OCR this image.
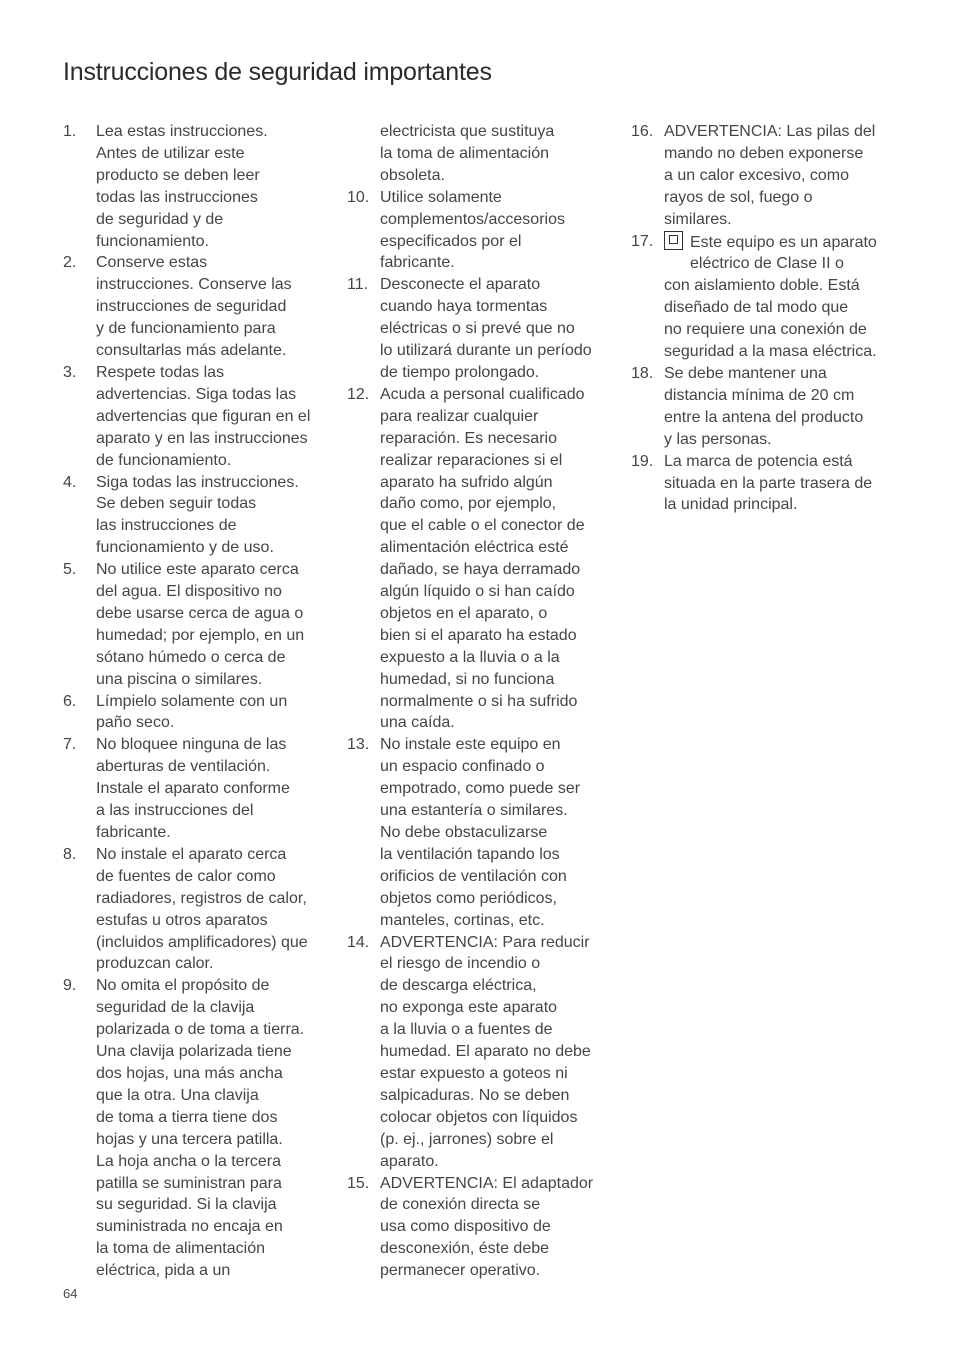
Instrucciones de seguridad importantes
1. Lea estas instrucciones.
Antes de utilizar este
producto se deben leer
todas las instrucciones
de seguridad y de
funcionamiento.
2. Conserve estas
instrucciones. Conserve las
instrucciones de seguridad
y de funcionamiento para
consultarlas más adelante.
3. Respete todas las
advertencias. Siga todas las
advertencias que figuran en el
aparato y en las instrucciones
de funcionamiento.
4. Siga todas las instrucciones.
Se deben seguir todas
las instrucciones de
funcionamiento y de uso.
5. No utilice este aparato cerca
del agua. El dispositivo no
debe usarse cerca de agua o
humedad; por ejemplo, en un
sótano húmedo o cerca de
una piscina o similares.
6. Límpielo solamente con un
paño seco.
7. No bloquee ninguna de las
aberturas de ventilación.
Instale el aparato conforme
a las instrucciones del
fabricante.
8. No instale el aparato cerca
de fuentes de calor como
radiadores, registros de calor,
estufas u otros aparatos
(incluidos amplificadores) que
produzcan calor.
9. No omita el propósito de
seguridad de la clavija
polarizada o de toma a tierra.
Una clavija polarizada tiene
dos hojas, una más ancha
que la otra. Una clavija
de toma a tierra tiene dos
hojas y una tercera patilla.
La hoja ancha o la tercera
patilla se suministran para
su seguridad. Si la clavija
suministrada no encaja en
la toma de alimentación
eléctrica, pida a un
electricista que sustituya
la toma de alimentación
obsoleta.
10. Utilice solamente
complementos/accesorios
especificados por el
fabricante.
11. Desconecte el aparato
cuando haya tormentas
eléctricas o si prevé que no
lo utilizará durante un período
de tiempo prolongado.
12. Acuda a personal cualificado
para realizar cualquier
reparación. Es necesario
realizar reparaciones si el
aparato ha sufrido algún
daño como, por ejemplo,
que el cable o el conector de
alimentación eléctrica esté
dañado, se haya derramado
algún líquido o si han caído
objetos en el aparato, o
bien si el aparato ha estado
expuesto a la lluvia o a la
humedad, si no funciona
normalmente o si ha sufrido
una caída.
13. No instale este equipo en
un espacio confinado o
empotrado, como puede ser
una estantería o similares.
No debe obstaculizarse
la ventilación tapando los
orificios de ventilación con
objetos como periódicos,
manteles, cortinas, etc.
14. ADVERTENCIA: Para reducir
el riesgo de incendio o
de descarga eléctrica,
no exponga este aparato
a la lluvia o a fuentes de
humedad. El aparato no debe
estar expuesto a goteos ni
salpicaduras. No se deben
colocar objetos con líquidos
(p. ej., jarrones) sobre el
aparato.
15. ADVERTENCIA: El adaptador
de conexión directa se
usa como dispositivo de
desconexión, éste debe
permanecer operativo.
16. ADVERTENCIA: Las pilas del
mando no deben exponerse
a un calor excesivo, como
rayos de sol, fuego o
similares.
17.	Este equipo es un aparato
eléctrico de Clase II o
con aislamiento doble. Está
diseñado de tal modo que
no requiere una conexión de
seguridad a la masa eléctrica.
18. Se debe mantener una
distancia mínima de 20 cm
entre la antena del producto
y las personas.
19. La marca de potencia está
situada en la parte trasera de
la unidad principal.
64
